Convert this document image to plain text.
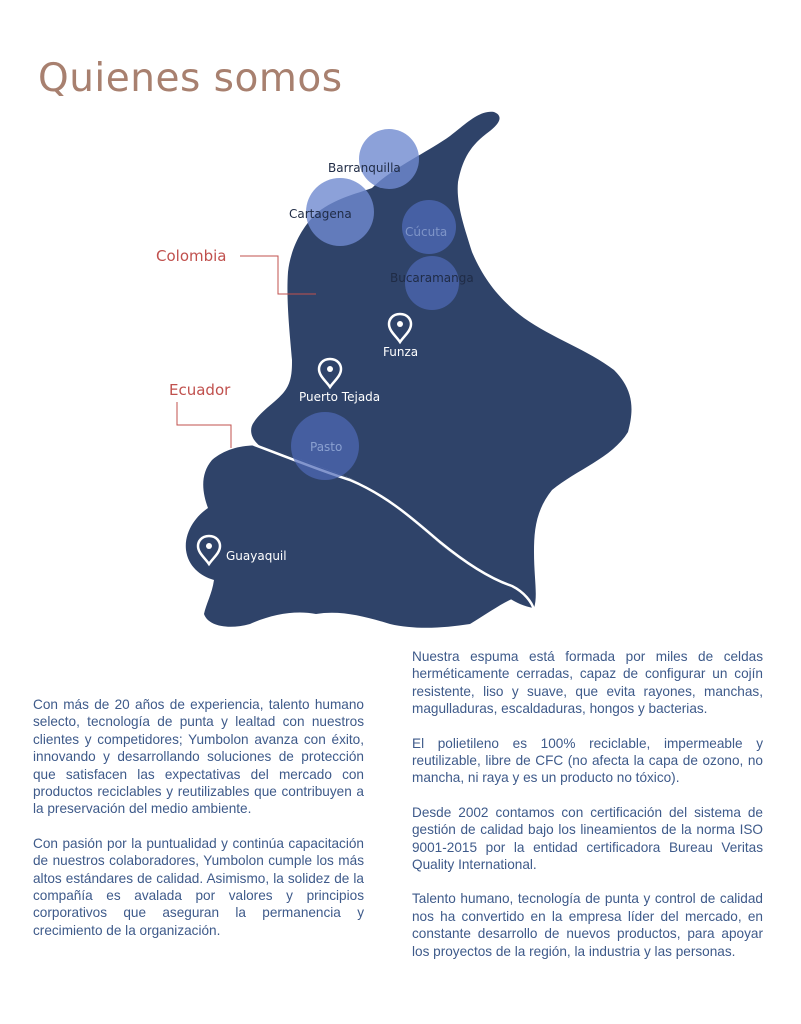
Quienes somos
Barranquilla
Cartagena
Cúcuta
Bucaramanga
Funza
Puerto Tejada
Pasto
Guayaquil
Colombia
Ecuador

Con más de 20 años de experiencia, talento humano selecto, tecnología de punta y lealtad con nuestros clientes y competidores; Yumbolon avanza con éxito, innovando y desarrollando soluciones de protección que satisfacen las expectativas del mercado con productos reciclables y reutilizables que contribuyen a la preservación del medio ambiente.

Con pasión por la puntualidad y continúa capacitación de nuestros colaboradores, Yumbolon cumple los más altos estándares de calidad. Asimismo, la solidez de la compañía es avalada por valores y principios corporativos que aseguran la permanencia y crecimiento de la organización.

Nuestra espuma está formada por miles de celdas herméticamente cerradas, capaz de configurar un cojín resistente, liso y suave, que evita rayones, manchas, magulladuras, escaldaduras, hongos y bacterias.

El polietileno es 100% reciclable, impermeable y reutilizable, libre de CFC (no afecta la capa de ozono, no mancha, ni raya y es un producto no tóxico).

Desde 2002 contamos con certificación del sistema de gestión de calidad bajo los lineamientos de la norma ISO 9001-2015 por la entidad certificadora Bureau Veritas Quality International.

Talento humano, tecnología de punta y control de calidad nos ha convertido en la empresa líder del mercado, en constante desarrollo de nuevos productos, para apoyar los proyectos de la región, la industria y las personas.
